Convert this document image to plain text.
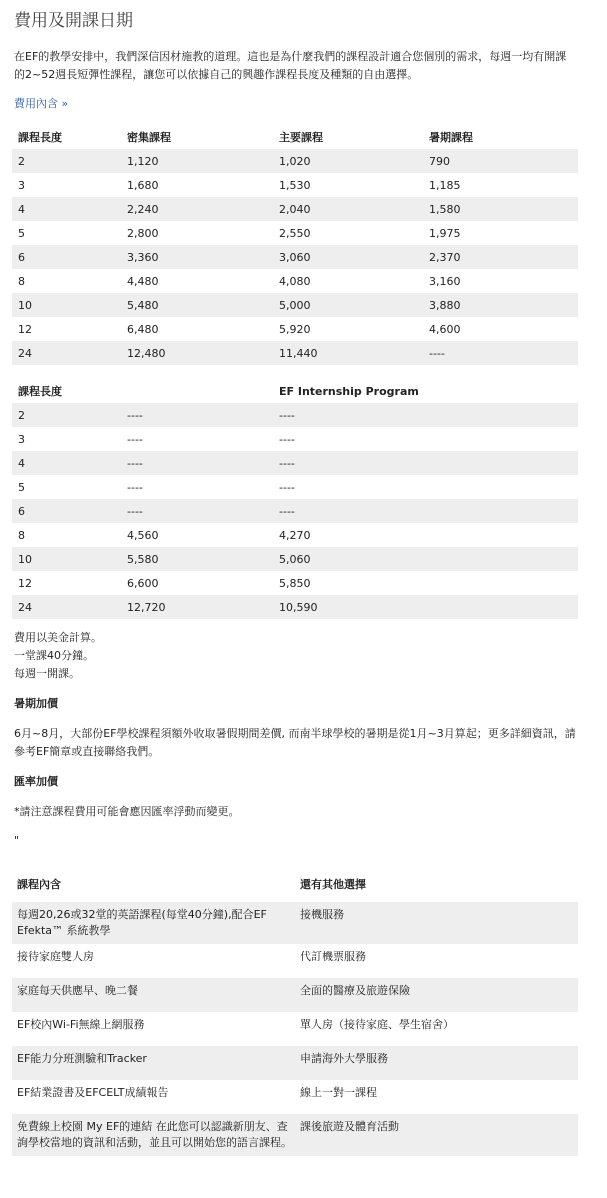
費用及開課日期
在EF的教學安排中，我們深信因材施教的道理。這也是為什麼我們的課程設計適合您個別的需求，每週一均有開課的2~52週長短彈性課程，讓您可以依據自己的興趣作課程長度及種類的自由選擇。
費用內含 »
課程長度	密集課程	主要課程	暑期課程
2	1,120	1,020	790
3	1,680	1,530	1,185
4	2,240	2,040	1,580
5	2,800	2,550	1,975
6	3,360	3,060	2,370
8	4,480	4,080	3,160
10	5,480	5,000	3,880
12	6,480	5,920	4,600
24	12,480	11,440	----
課程長度		EF Internship Program	
2	----	----	
3	----	----	
4	----	----	
5	----	----	
6	----	----	
8	4,560	4,270	
10	5,580	5,060	
12	6,600	5,850	
24	12,720	10,590	
費用以美金計算。
一堂課40分鐘。
每週一開課。
暑期加價
6月~8月，大部份EF學校課程須額外收取暑假期間差價, 而南半球學校的暑期是從1月~3月算起；更多詳細資訊，請參考EF簡章或直接聯絡我們。
匯率加價
*請注意課程費用可能會應因匯率浮動而變更。
"
課程內含	還有其他選擇
每週20,26或32堂的英語課程(每堂40分鐘),配合EF Efekta™ 系統教學	接機服務
接待家庭雙人房	代訂機票服務
家庭每天供應早、晚二餐	全面的醫療及旅遊保險
EF校內Wi-Fi無線上網服務	單人房（接待家庭、學生宿舍）
EF能力分班測驗和Tracker	申請海外大學服務
EF結業證書及EFCELT成績報告	線上一對一課程
免費線上校園 My EF的連結 在此您可以認識新朋友、查詢學校當地的資訊和活動，並且可以開始您的語言課程。	課後旅遊及體育活動
